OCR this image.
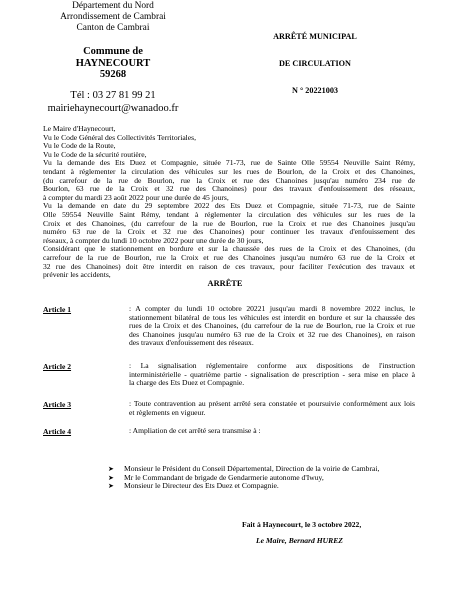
Département du Nord
Arrondissement de Cambrai
Canton de Cambrai
Commune de
HAYNECOURT
59268
Tél : 03 27 81 99 21
mairiehaynecourt@wanadoo.fr
ARRÊTÉ MUNICIPAL
DE CIRCULATION
N ° 20221003
Le Maire d'Haynecourt,
Vu le Code Général des Collectivités Territoriales,
Vu le Code de la Route,
Vu le Code de la sécurité routière,
Vu la demande des Ets Duez et Compagnie, située 71-73, rue de Sainte Olle 59554 Neuville Saint Rémy,
tendant à réglementer la circulation des véhicules sur les rues de Bourlon, de la Croix et des Chanoines,
(du carrefour de la rue de Bourlon, rue la Croix et rue des Chanoines jusqu'au numéro 234 rue de
Bourlon, 63 rue de la Croix et 32 rue des Chanoines) pour des travaux d'enfouissement des réseaux,
à compter du mardi 23 août 2022 pour une durée de 45 jours,
Vu la demande en date du 29 septembre 2022 des Ets Duez et Compagnie, située 71-73, rue de Sainte
Olle 59554 Neuville Saint Rémy, tendant à réglementer la circulation des véhicules sur les rues de la
Croix et des Chanoines, (du carrefour de la rue de Bourlon, rue la Croix et rue des Chanoines jusqu'au
numéro 63 rue de la Croix et 32 rue des Chanoines) pour continuer les travaux d'enfouissement des
réseaux, à compter du lundi 10 octobre 2022 pour une durée de 30 jours,
Considérant que le stationnement en bordure et sur la chaussée des rues de la Croix et des Chanoines, (du
carrefour de la rue de Bourlon, rue la Croix et rue des Chanoines jusqu'au numéro 63 rue de la Croix et
32 rue des Chanoines) doit être interdit en raison de ces travaux, pour faciliter l'exécution des travaux et
prévenir les accidents,
ARRÊTE
Article 1	: A compter du lundi 10 octobre 20221 jusqu'au mardi 8 novembre 2022 inclus, le
stationnement bilatéral de tous les véhicules est interdit en bordure et sur la chaussée des
rues de la Croix et des Chanoines, (du carrefour de la rue de Bourlon, rue la Croix et rue
des Chanoines jusqu'au numéro 63 rue de la Croix et 32 rue des Chanoines), en raison
des travaux d'enfouissement des réseaux.
Article 2	: La signalisation réglementaire conforme aux dispositions de l'instruction
interministérielle - quatrième partie - signalisation de prescription - sera mise en place à
la charge des Ets Duez et Compagnie.
Article 3	: Toute contravention au présent arrêté sera constatée et poursuivie conformément aux lois
et règlements en vigueur.
Article 4	: Ampliation de cet arrêté sera transmise à :
➤	Monsieur le Président du Conseil Départemental, Direction de la voirie de Cambrai,
➤	Mr le Commandant de brigade de Gendarmerie autonome d'Iwuy,
➤	Monsieur le Directeur des Ets Duez et Compagnie.
Fait à Haynecourt, le 3 octobre 2022,
Le Maire, Bernard HUREZ
